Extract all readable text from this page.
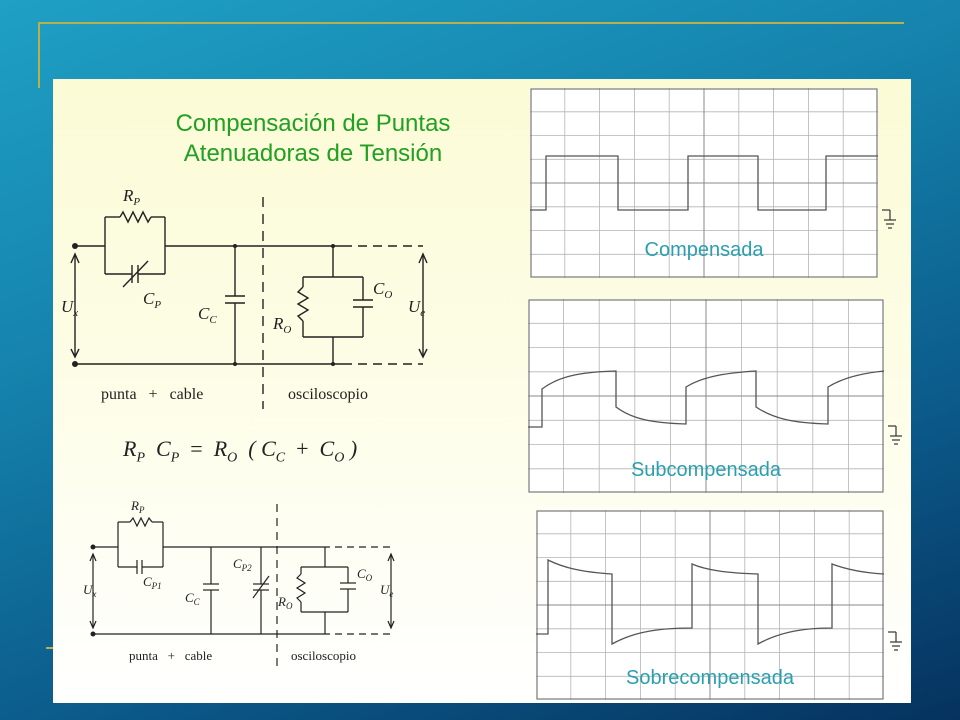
Compensación de Puntas
Atenuadoras de Tensión
$R_P$
$C_P$
$U_x$	$C_C$	$R_O$
$C_O$
$U_e$
punta   +   cable	osciloscopio
$R_P$ $C_P = R_O$ ( $C_C + C_O$ )
$R_P$
$C_{P1}$
$U_x$	$C_C$
$C_{P2}$
$R_O$
$C_O$
$U_e$
punta   +   cable	osciloscopio
Compensada
Subcompensada
Sobrecompensada
